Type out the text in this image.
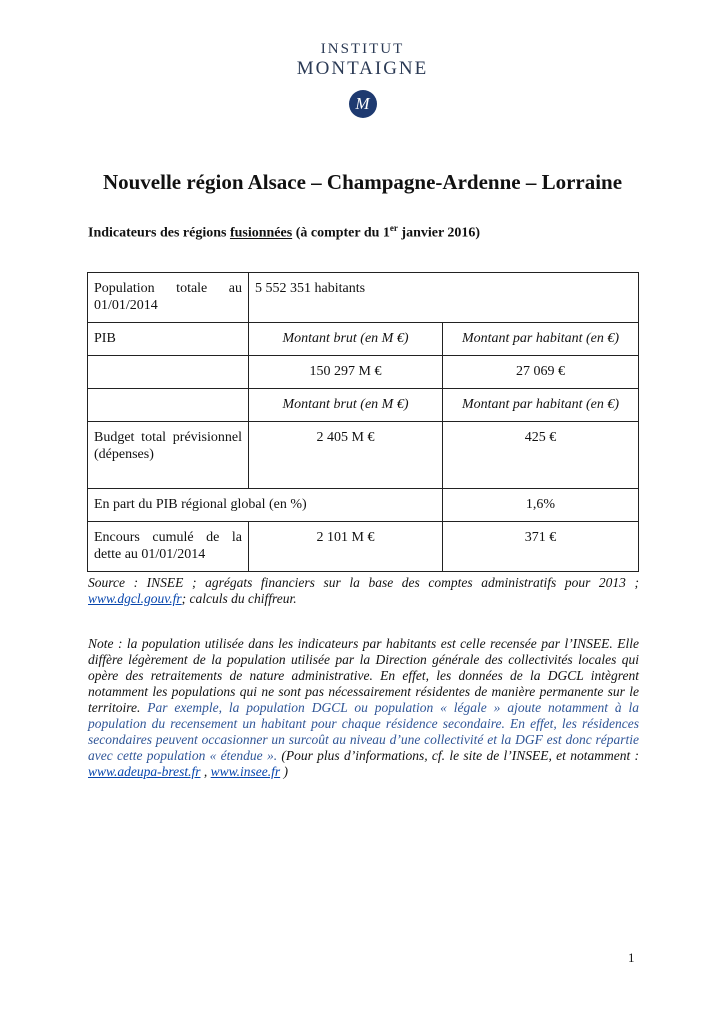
INSTITUT
MONTAIGNE
M
Nouvelle région Alsace – Champagne-Ardenne – Lorraine

Indicateurs des régions fusionnées (à compter du 1er janvier 2016)

Population totale au 01/01/2014	5 552 351 habitants	
PIB	Montant brut (en M €)	Montant par habitant (en €)
	150 297 M €	27 069 €
	Montant brut (en M €)	Montant par habitant (en €)
Budget total prévisionnel (dépenses)	2 405 M €	425 €
En part du PIB régional global (en %)		1,6%
Encours cumulé de la dette au 01/01/2014	2 101 M €	371 €

Source : INSEE ; agrégats financiers sur la base des comptes administratifs pour 2013 ; www.dgcl.gouv.fr; calculs du chiffreur.

Note : la population utilisée dans les indicateurs par habitants est celle recensée par l’INSEE. Elle diffère légèrement de la population utilisée par la Direction générale des collectivités locales qui opère des retraitements de nature administrative. En effet, les données de la DGCL intègrent notamment les populations qui ne sont pas nécessairement résidentes de manière permanente sur le territoire. Par exemple, la population DGCL ou population « légale » ajoute notamment à la population du recensement un habitant pour chaque résidence secondaire. En effet, les résidences secondaires peuvent occasionner un surcoût au niveau d’une collectivité et la DGF est donc répartie avec cette population « étendue ». (Pour plus d’informations, cf. le site de l’INSEE, et notamment : www.adeupa-brest.fr , www.insee.fr )

1
